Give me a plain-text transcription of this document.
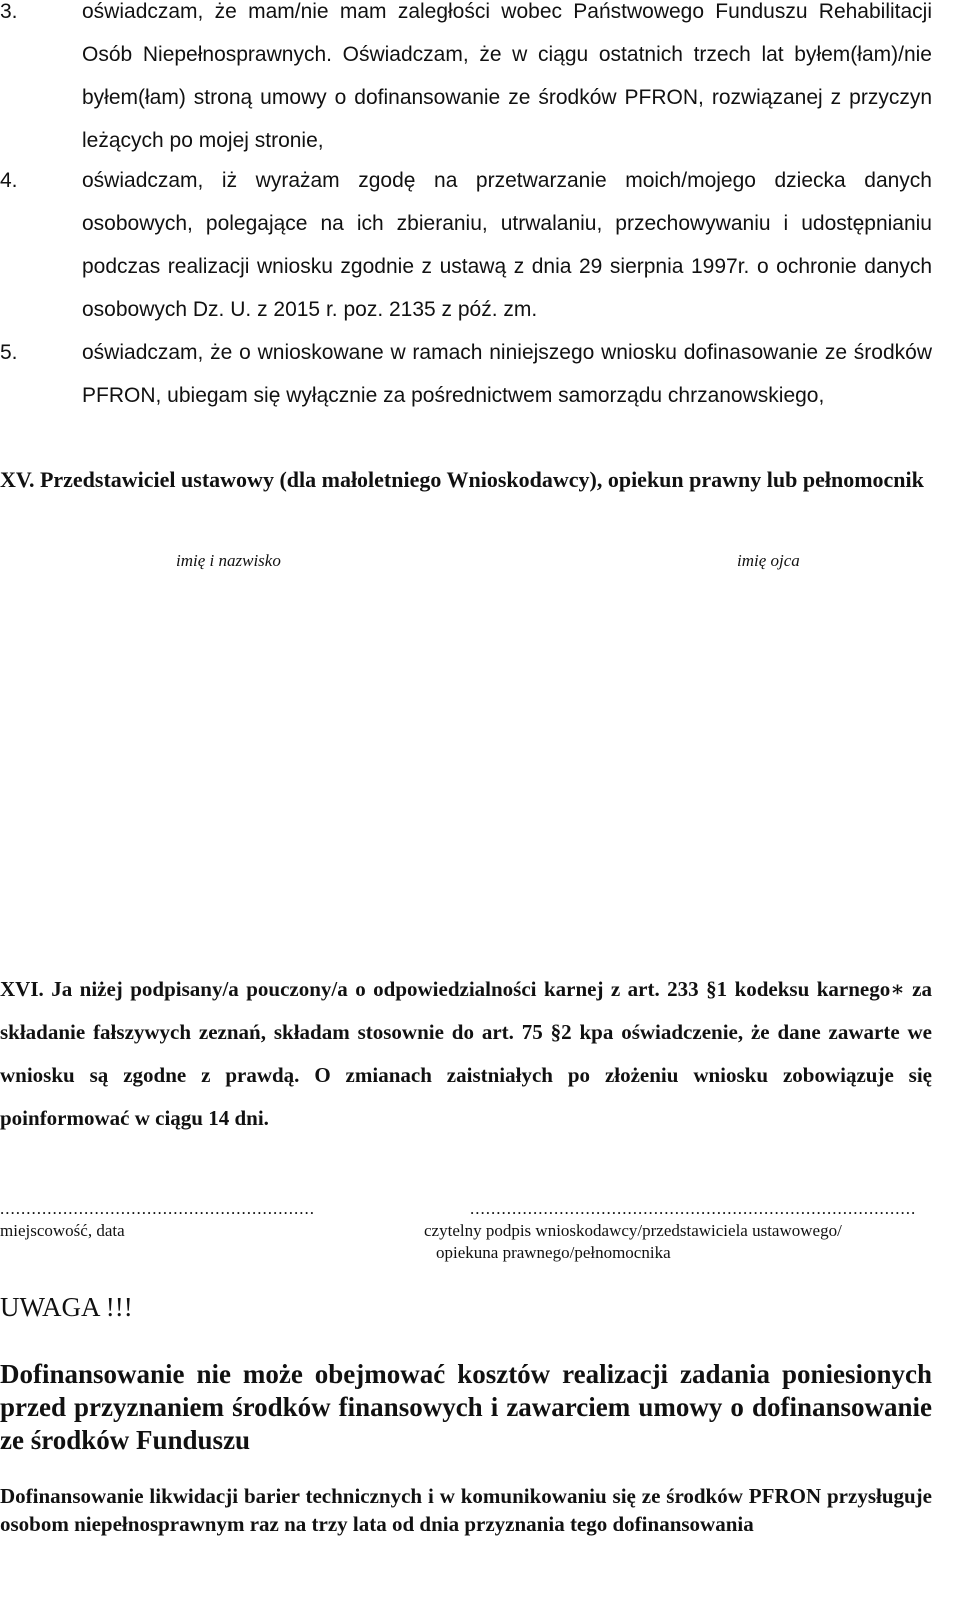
3.	oświadczam, że mam/nie mam zaległości wobec Państwowego Funduszu Rehabilitacji Osób Niepełnosprawnych. Oświadczam, że w ciągu ostatnich trzech lat byłem(łam)/nie byłem(łam) stroną umowy o dofinansowanie ze środków PFRON, rozwiązanej z przyczyn leżących po mojej stronie,
4.	oświadczam, iż wyrażam zgodę na przetwarzanie moich/mojego dziecka danych osobowych, polegające na ich zbieraniu, utrwalaniu, przechowywaniu i udostępnianiu podczas realizacji wniosku zgodnie z ustawą z dnia 29 sierpnia 1997r. o ochronie danych osobowych Dz. U. z 2015 r. poz. 2135 z póź. zm.
5.	oświadczam, że o wnioskowane w ramach niniejszego wniosku dofinasowanie ze środków PFRON, ubiegam się wyłącznie za pośrednictwem samorządu chrzanowskiego,
XV. Przedstawiciel ustawowy (dla małoletniego Wnioskodawcy), opiekun prawny lub pełnomocnik
imię i nazwisko	imię ojca
XVI. Ja niżej podpisany/a pouczony/a o odpowiedzialności karnej z art. 233 §1 kodeksu karnego∗ za składanie fałszywych zeznań, składam stosownie do art. 75 §2 kpa oświadczenie, że dane zawarte we wniosku są zgodne z prawdą. O zmianach zaistniałych po złożeniu wniosku zobowiązuje się poinformować w ciągu 14 dni.
............................................................
miejscowość, data
.....................................................................................
czytelny podpis wnioskodawcy/przedstawiciela ustawowego/
opiekuna prawnego/pełnomocnika
UWAGA !!!
Dofinansowanie nie może obejmować kosztów realizacji zadania poniesionych przed przyznaniem środków finansowych i zawarciem umowy o dofinansowanie ze środków Funduszu
Dofinansowanie likwidacji barier technicznych i w komunikowaniu się ze środków PFRON przysługuje osobom niepełnosprawnym raz na trzy lata od dnia przyznania tego dofinansowania
